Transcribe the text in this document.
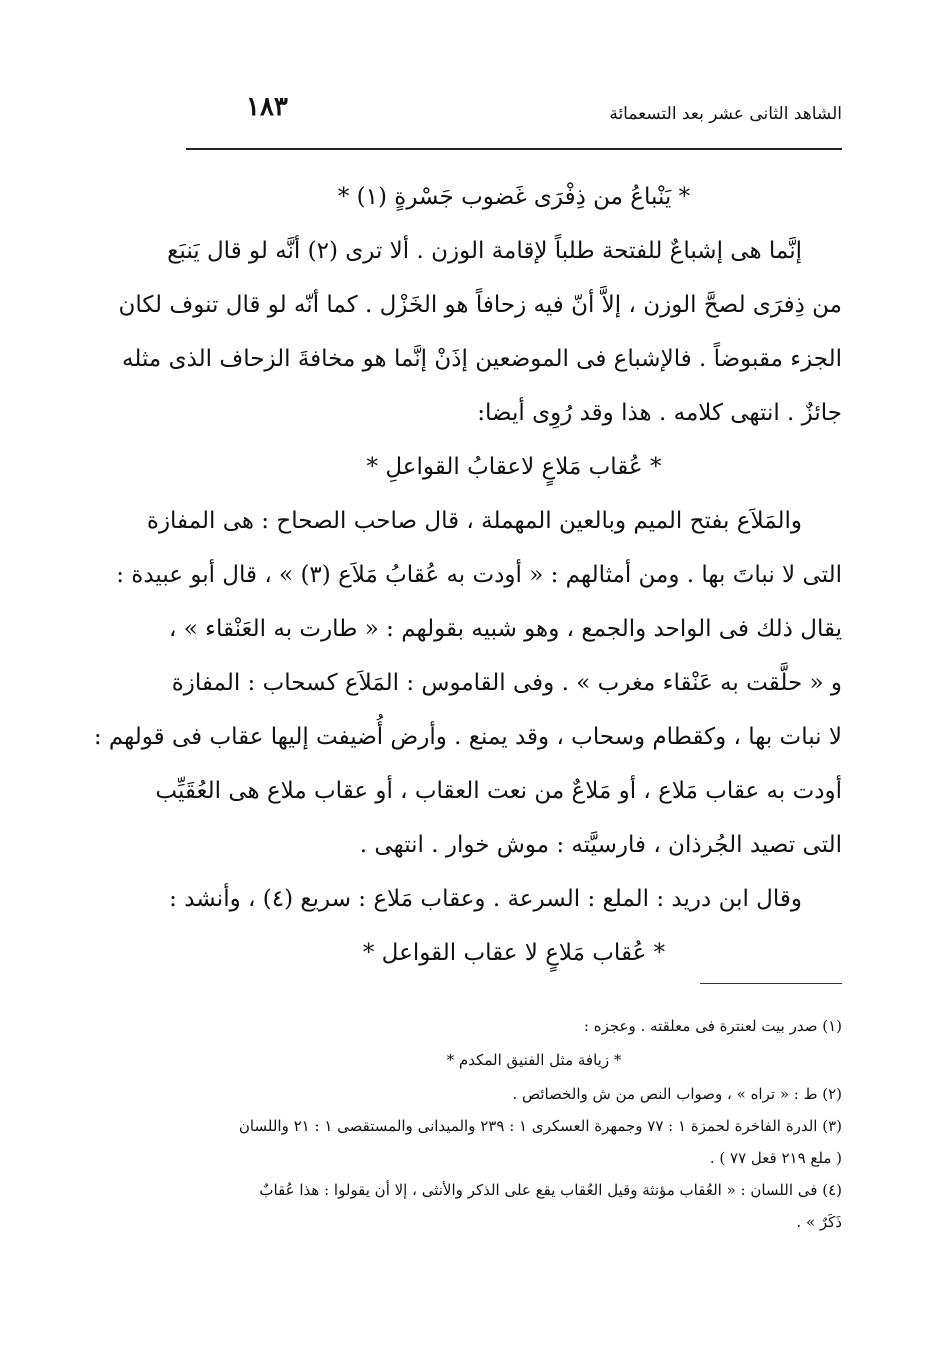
الشاهد الثانى عشر بعد التسعمائة
١٨٣
* يَنْباعُ من ذِفْرَى غَضوب جَسْرةٍ (١) *
إنَّما هى إشباعٌ للفتحة طلباً لإقامة الوزن . ألا ترى (٢) أنَّه لو قال يَنبَع
من ذِفرَى لصحَّ الوزن ، إلاَّ أنّ فيه زحافاً هو الخَزْل . كما أنّه لو قال تنوف لكان
الجزء مقبوضاً . فالإشباع فى الموضعين إذَنْ إنَّما هو مخافةَ الزحاف الذى مثله
جائزٌ . انتهى كلامه . هذا وقد رُوِى أيضا:
* عُقاب مَلاعٍ لاعقابُ القواعلِ *
والمَلاَع بفتح الميم وبالعين المهملة ، قال صاحب الصحاح : هى المفازة
التى لا نباتَ بها . ومن أمثالهم : « أودت به عُقابُ مَلاَع (٣) » ، قال أبو عبيدة :
يقال ذلك فى الواحد والجمع ، وهو شبيه بقولهم : « طارت به العَنْقاء » ،
و « حلَّقت به عَنْقاء مغرب » . وفى القاموس : المَلاَع كسحاب : المفازة
لا نبات بها ، وكقطام وسحاب ، وقد يمنع . وأرض أُضيفت إليها عقاب فى قولهم :
أودت به عقاب مَلاع ، أو مَلاعٌ من نعت العقاب ، أو عقاب ملاع هى العُقَيِّب
التى تصيد الجُرذان ، فارسيَّته : موش خوار . انتهى .
وقال ابن دريد : الملع : السرعة . وعقاب مَلاع : سريع (٤) ، وأنشد :
* عُقاب مَلاعٍ لا عقاب القواعل *
(١) صدر بيت لعنترة فى معلقته . وعجزه :
* زيافة مثل الفنيق المكدم *
(٢) ط : « تراه » ، وصواب النص من ش والخصائص .
(٣) الدرة الفاخرة لحمزة ١ : ٧٧ وجمهرة العسكرى ١ : ٢٣٩ والميدانى والمستقصى ١ : ٢١ واللسان
( ملع ٢١٩ قعل ٧٧ ) .
(٤) فى اللسان : « العُقاب مؤنثة وقيل العُقاب يقع على الذكر والأنثى ، إلا أن يقولوا : هذا عُقابٌ
ذَكَرٌ » .
